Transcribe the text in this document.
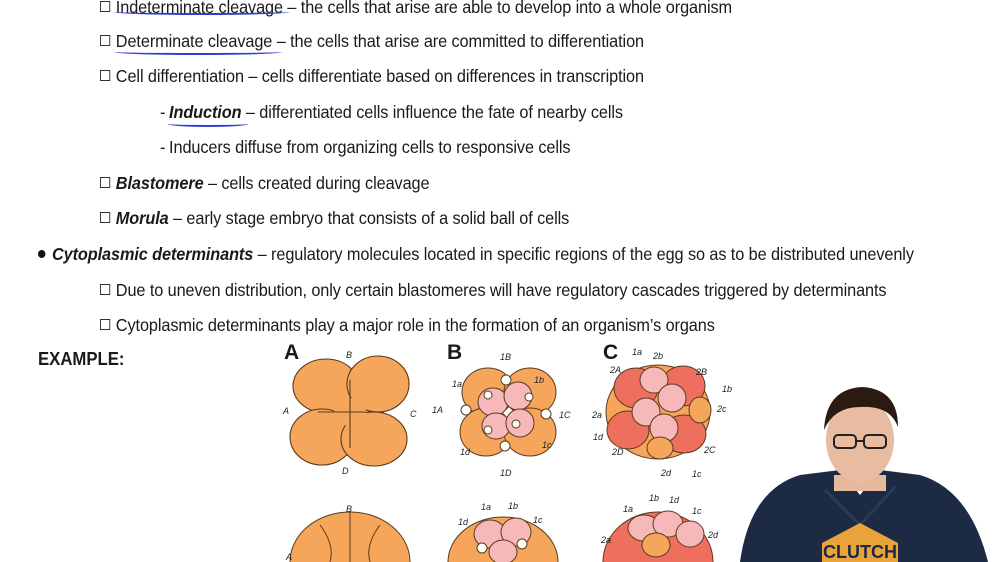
Indeterminate cleavage – the cells that arise are able to develop into a whole organism
Determinate cleavage – the cells that arise are committed to differentiation
Cell differentiation – cells differentiate based on differences in transcription
- Induction – differentiated cells influence the fate of nearby cells
- Inducers diffuse from organizing cells to responsive cells
Blastomere – cells created during cleavage
Morula – early stage embryo that consists of a solid ball of cells
Cytoplasmic determinants – regulatory molecules located in specific regions of the egg so as to be distributed unevenly
Due to uneven distribution, only certain blastomeres will have regulatory cascades triggered by determinants
Cytoplasmic determinants play a major role in the formation of an organism’s organs
EXAMPLE:	A	B	C
B
A	C
D
1B
1a	1b
1A	1C
1d
1c
1D
1a 2b
2A	2B
1b
2a
2c
1d
2D	2C
2d 1c
B
A
1a 1b
1d	1c
1b 1d
1a	1c
2d
2a
CLUTCH
